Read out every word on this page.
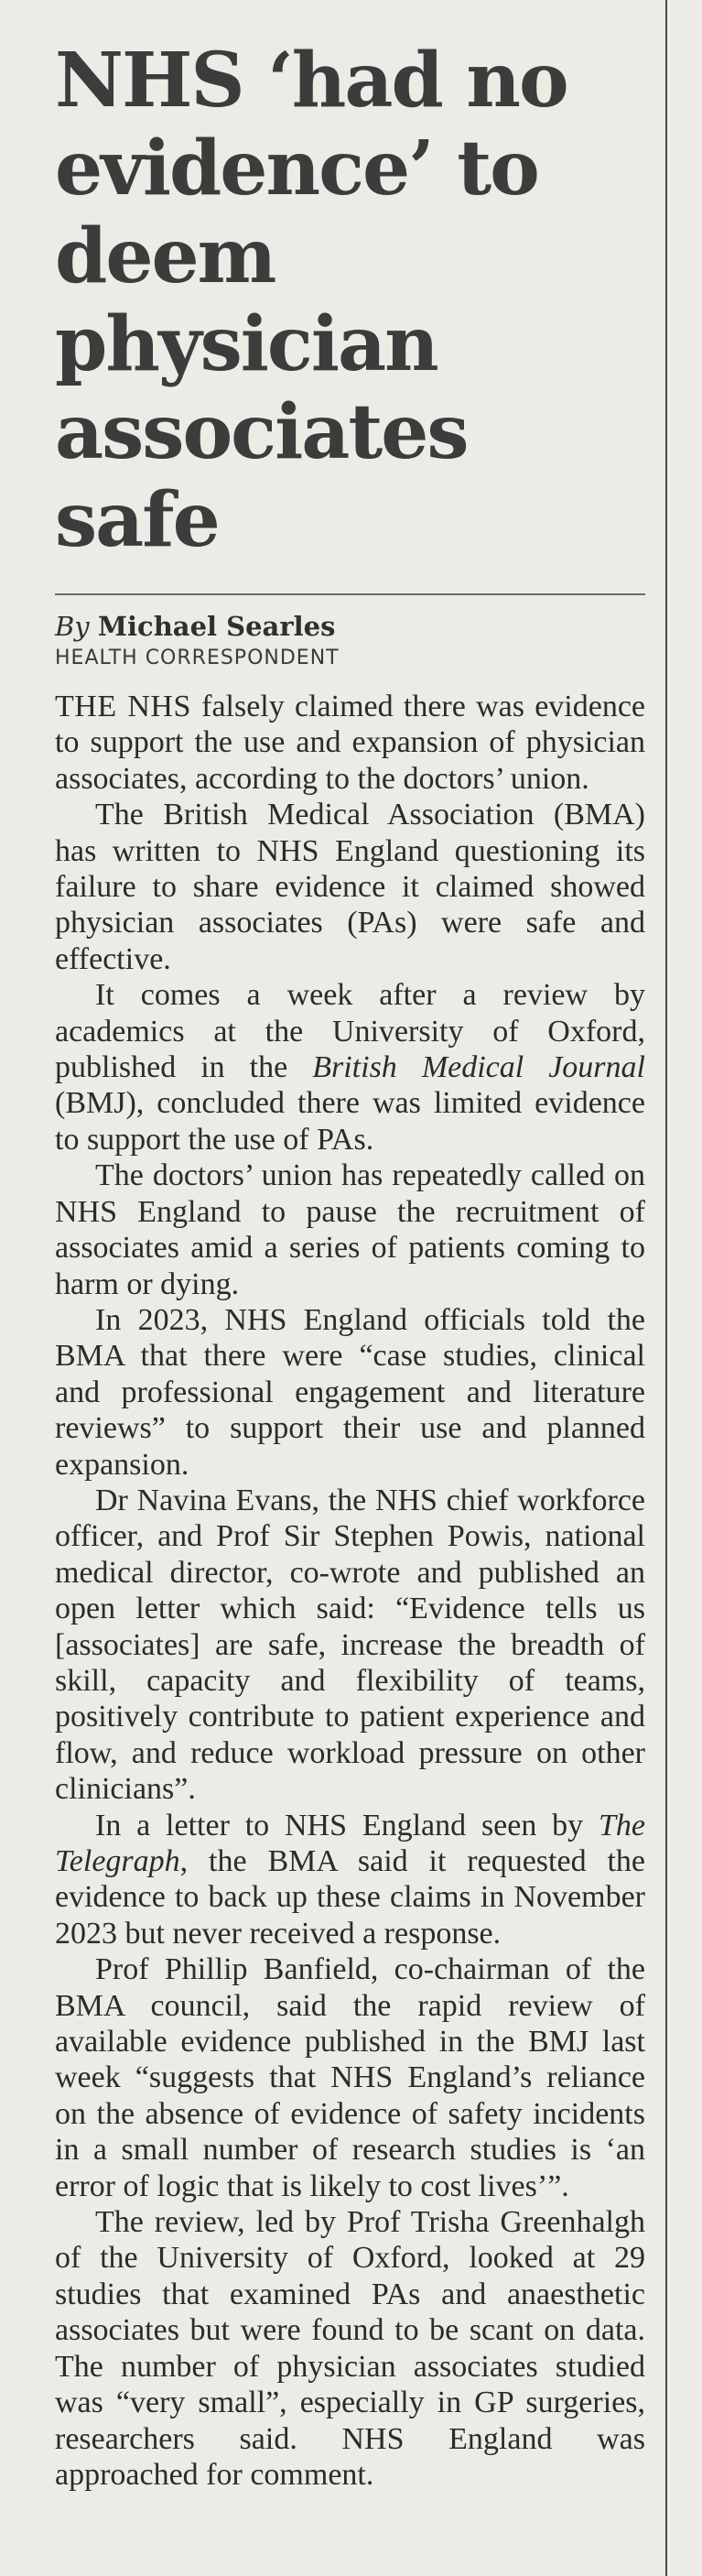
NHS ‘had no evidence’ to deem physician associates safe
By Michael Searles
HEALTH CORRESPONDENT

THE NHS falsely claimed there was evidence to support the use and expansion of physician associates, according to the doctors’ union.

The British Medical Association (BMA) has written to NHS England questioning its failure to share evidence it claimed showed physician associates (PAs) were safe and effective.

It comes a week after a review by academics at the University of Oxford, published in the British Medical Journal (BMJ), concluded there was limited evidence to support the use of PAs.

The doctors’ union has repeatedly called on NHS England to pause the recruitment of associates amid a series of patients coming to harm or dying.

In 2023, NHS England officials told the BMA that there were “case studies, clinical and professional engagement and literature reviews” to support their use and planned expansion.

Dr Navina Evans, the NHS chief workforce officer, and Prof Sir Stephen Powis, national medical director, co-wrote and published an open letter which said: “Evidence tells us [associates] are safe, increase the breadth of skill, capacity and flexibility of teams, positively contribute to patient experience and flow, and reduce workload pressure on other clinicians”.

In a letter to NHS England seen by The Telegraph, the BMA said it requested the evidence to back up these claims in November 2023 but never received a response.

Prof Phillip Banfield, co-chairman of the BMA council, said the rapid review of available evidence published in the BMJ last week “suggests that NHS England’s reliance on the absence of evidence of safety incidents in a small number of research studies is ‘an error of logic that is likely to cost lives’”.

The review, led by Prof Trisha Greenhalgh of the University of Oxford, looked at 29 studies that examined PAs and anaesthetic associates but were found to be scant on data. The number of physician associates studied was “very small”, especially in GP surgeries, researchers said. NHS England was approached for comment.
